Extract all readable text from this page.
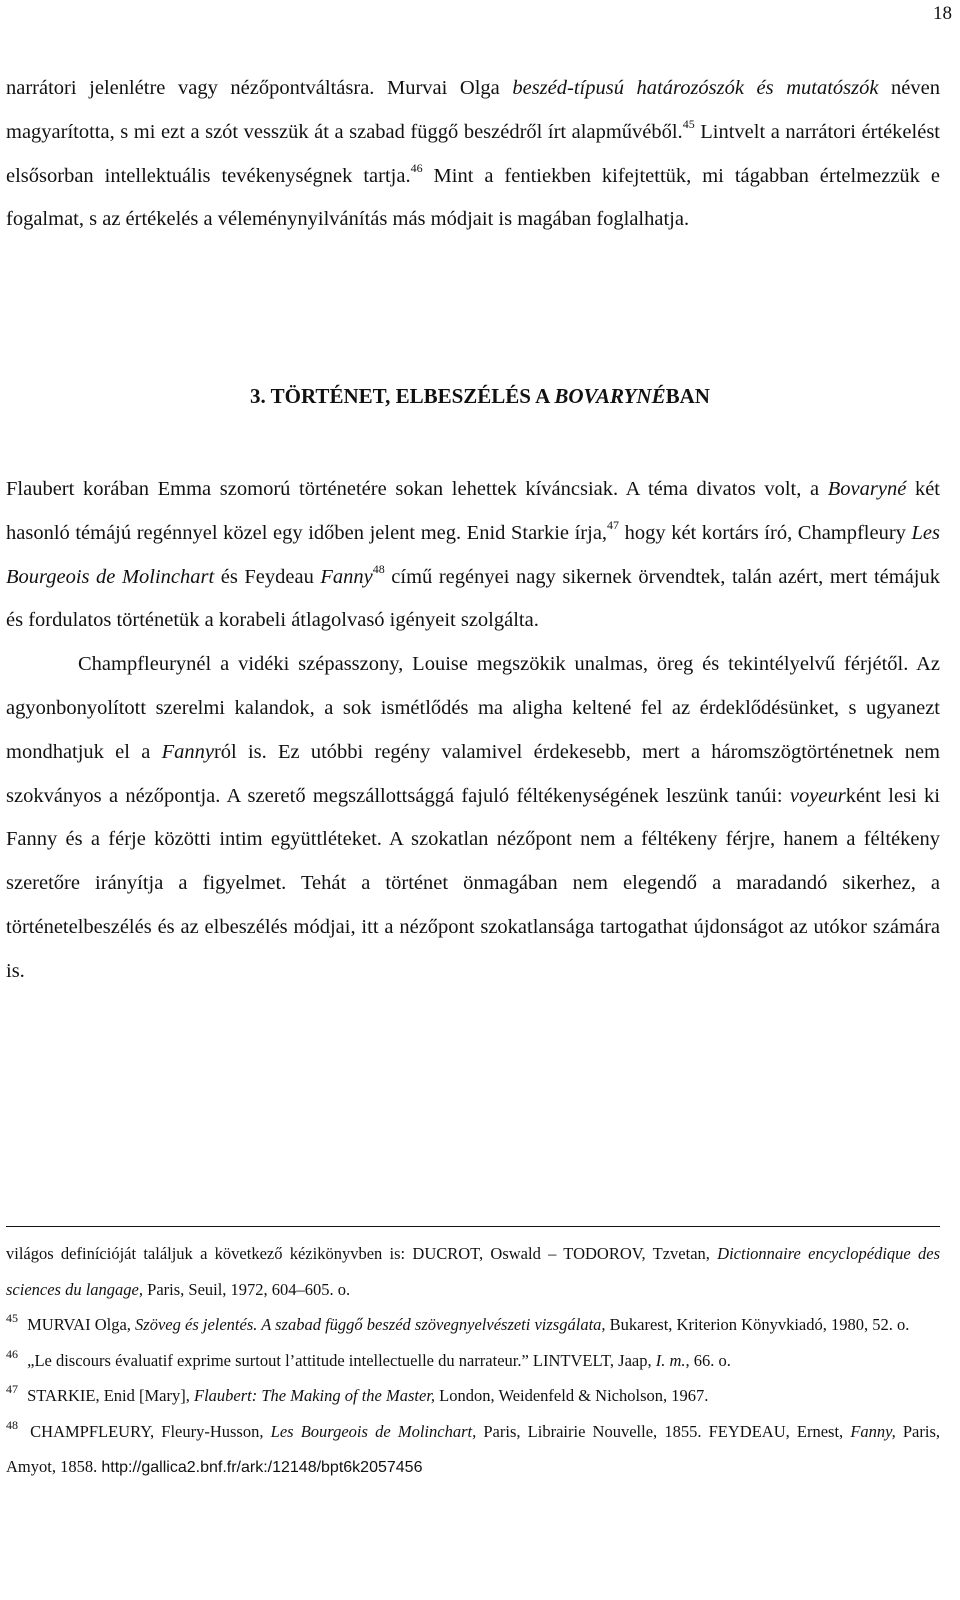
18

narrátori jelenlétre vagy nézőpontváltásra. Murvai Olga beszéd-típusú határozószók és mutatószók néven magyarította, s mi ezt a szót vesszük át a szabad függő beszédről írt alapművéből.$^{45}$ Lintvelt a narrátori értékelést elsősorban intellektuális tevékenységnek tartja.$^{46}$ Mint a fentiekben kifejtettük, mi tágabban értelmezzük e fogalmat, s az értékelés a véleménynyilvánítás más módjait is magában foglalhatja.

3. TÖRTÉNET, ELBESZÉLÉS A BOVARYNÉBAN

Flaubert korában Emma szomorú történetére sokan lehettek kíváncsiak. A téma divatos volt, a Bovaryné két hasonló témájú regénnyel közel egy időben jelent meg. Enid Starkie írja,$^{47}$ hogy két kortárs író, Champfleury Les Bourgeois de Molinchart és Feydeau Fanny$^{48}$ című regényei nagy sikernek örvendtek, talán azért, mert témájuk és fordulatos történetük a korabeli átlagolvasó igényeit szolgálta.

Champfleurynél a vidéki szépasszony, Louise megszökik unalmas, öreg és tekintélyelvű férjétől. Az agyonbonyolított szerelmi kalandok, a sok ismétlődés ma aligha keltené fel az érdeklődésünket, s ugyanezt mondhatjuk el a Fannyról is. Ez utóbbi regény valamivel érdekesebb, mert a háromszögtörténetnek nem szokványos a nézőpontja. A szerető megszállottsággá fajuló féltékenységének leszünk tanúi: voyeurként lesi ki Fanny és a férje közötti intim együttléteket. A szokatlan nézőpont nem a féltékeny férjre, hanem a féltékeny szeretőre irányítja a figyelmet. Tehát a történet önmagában nem elegendő a maradandó sikerhez, a történetelbeszélés és az elbeszélés módjai, itt a nézőpont szokatlansága tartogathat újdonságot az utókor számára is.

világos definícióját találjuk a következő kézikönyvben is: DUCROT, Oswald – TODOROV, Tzvetan, Dictionnaire encyclopédique des sciences du langage, Paris, Seuil, 1972, 604–605. o.

$^{45}$ MURVAI Olga, Szöveg és jelentés. A szabad függő beszéd szövegnyelvészeti vizsgálata, Bukarest, Kriterion Könyvkiadó, 1980, 52. o.

$^{46}$ „Le discours évaluatif exprime surtout l’attitude intellectuelle du narrateur.” LINTVELT, Jaap, I. m., 66. o.

$^{47}$ STARKIE, Enid [Mary], Flaubert: The Making of the Master, London, Weidenfeld & Nicholson, 1967.

$^{48}$ CHAMPFLEURY, Fleury-Husson, Les Bourgeois de Molinchart, Paris, Librairie Nouvelle, 1855. FEYDEAU, Ernest, Fanny, Paris, Amyot, 1858. http://gallica2.bnf.fr/ark:/12148/bpt6k2057456
